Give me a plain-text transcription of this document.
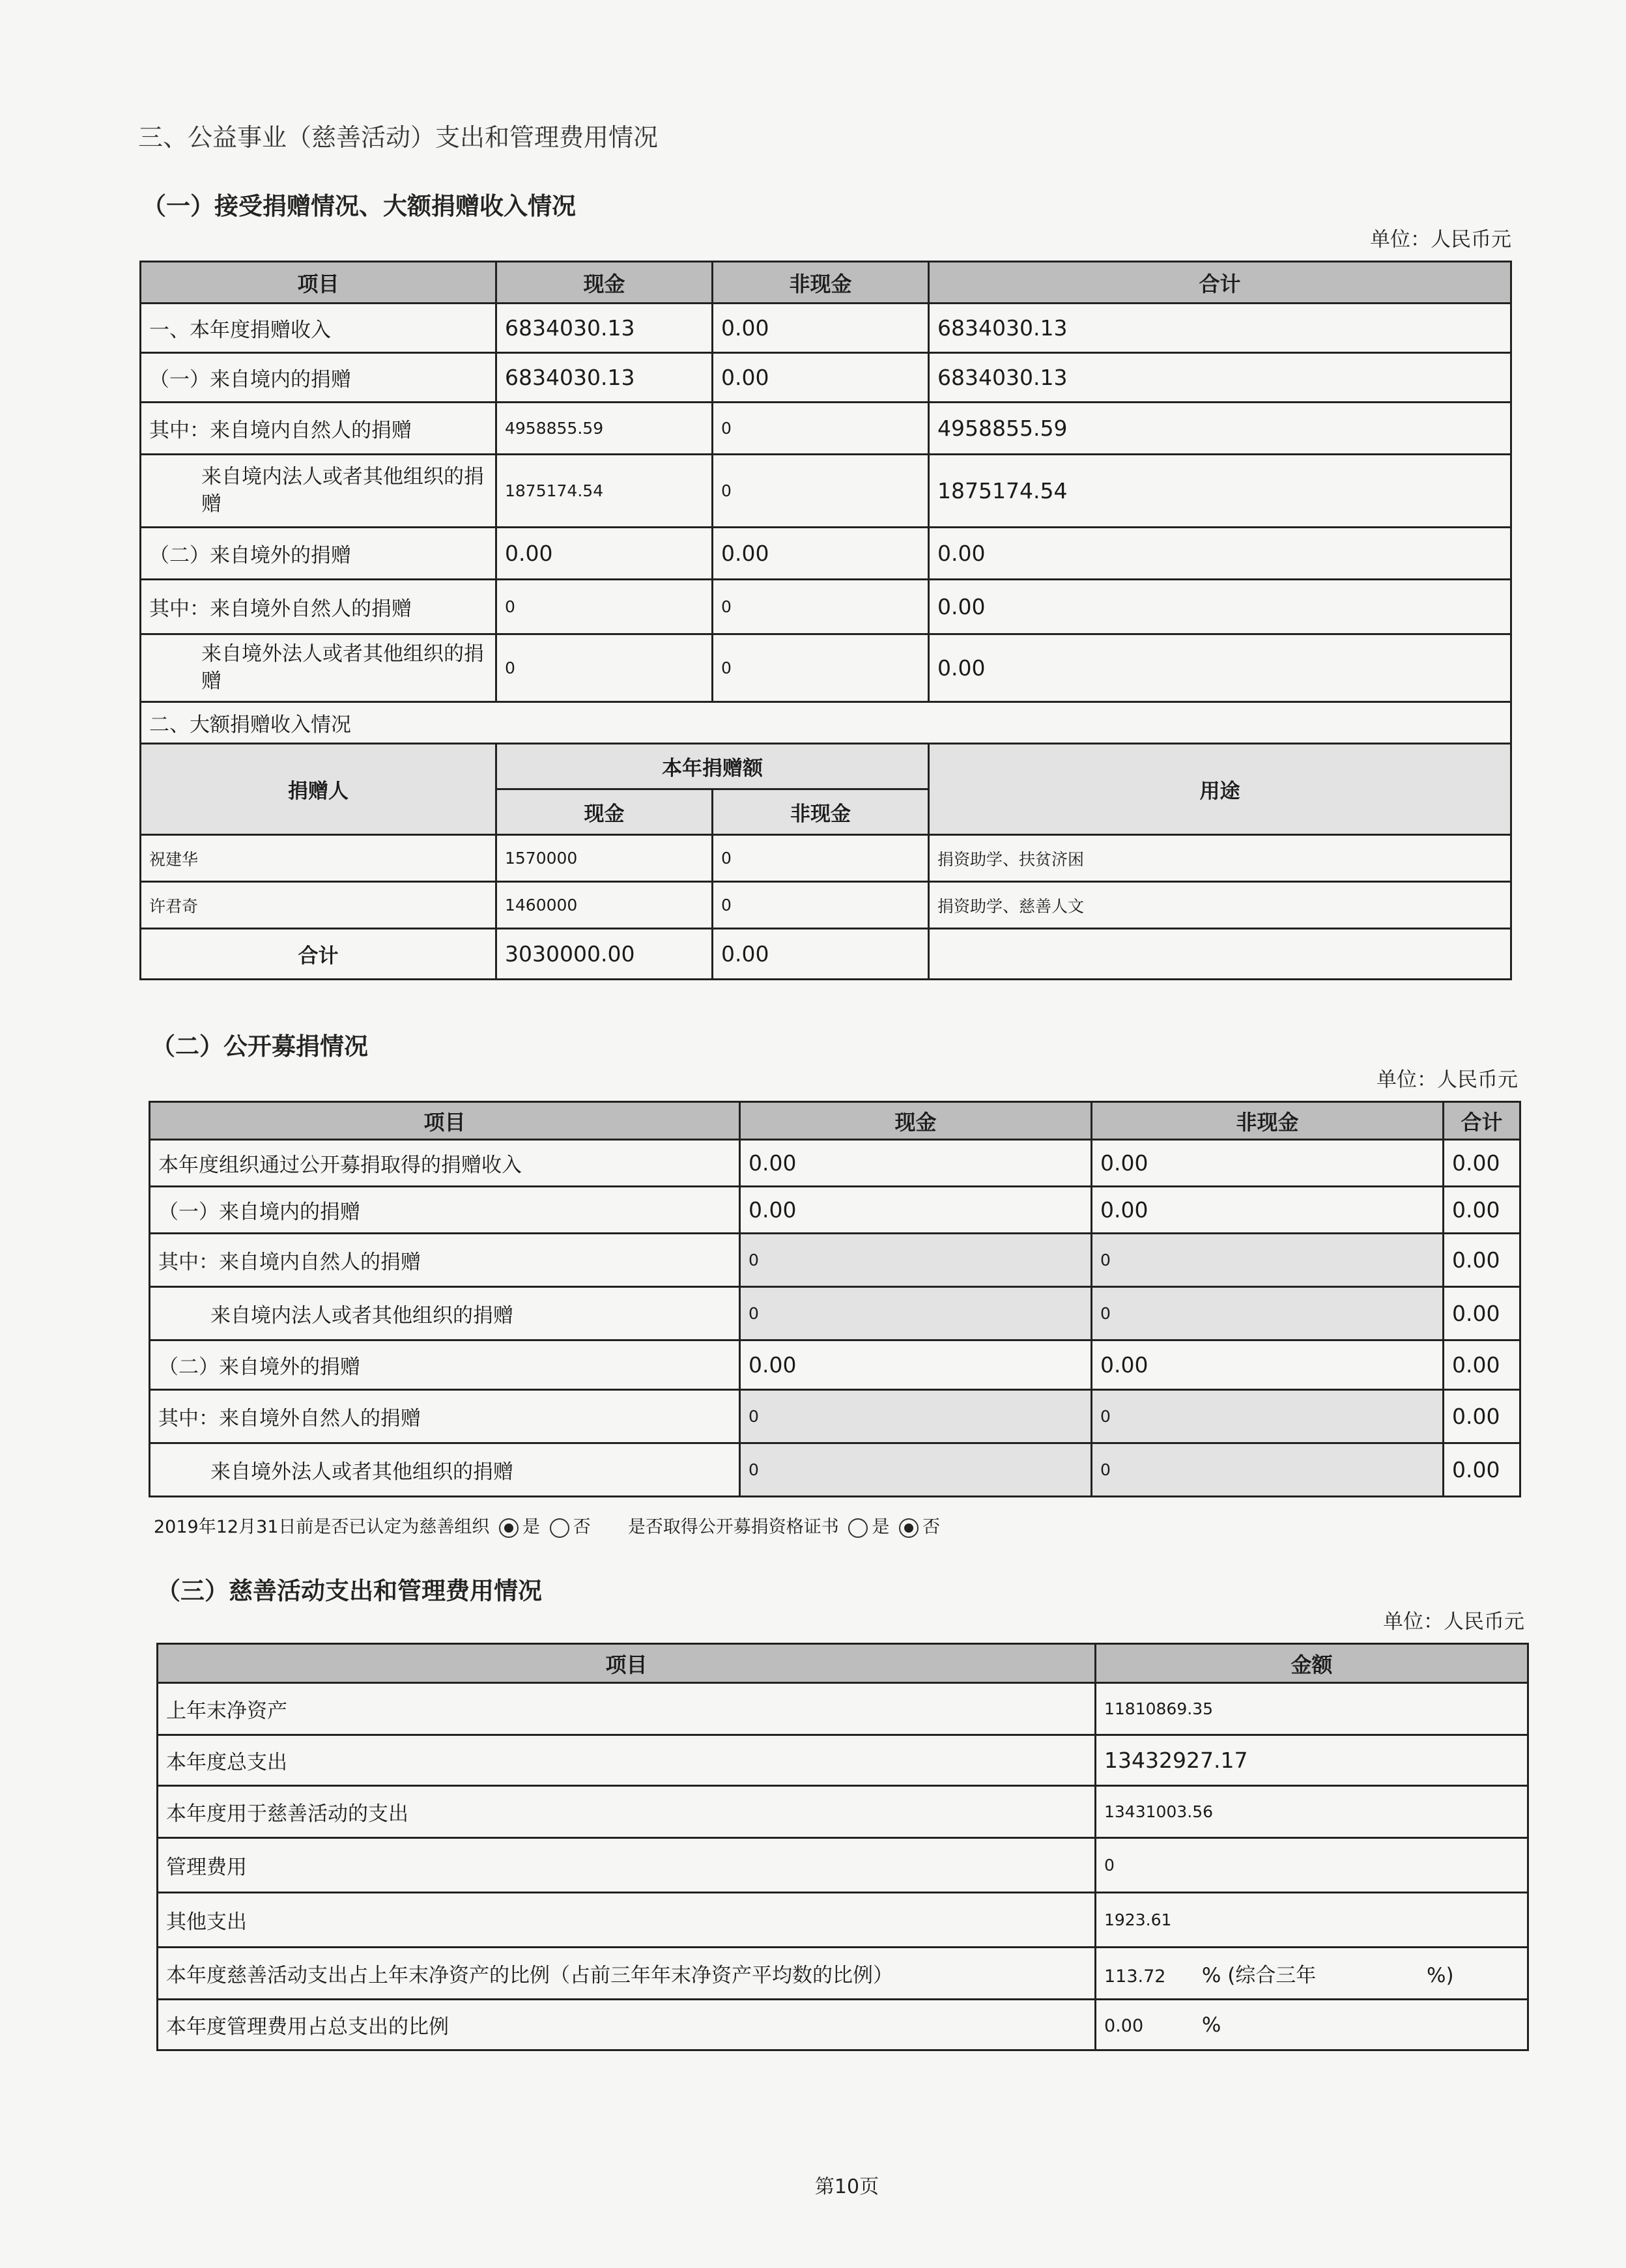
三、公益事业（慈善活动）支出和管理费用情况
（一）接受捐赠情况、大额捐赠收入情况
单位：人民币元
项目	现金	非现金	合计
一、本年度捐赠收入	6834030.13	0.00	6834030.13
（一）来自境内的捐赠	6834030.13	0.00	6834030.13
其中：来自境内自然人的捐赠	4958855.59	0	4958855.59
来自境内法人或者其他组织的捐赠	1875174.54	0	1875174.54
（二）来自境外的捐赠	0.00	0.00	0.00
其中：来自境外自然人的捐赠	0	0	0.00
来自境外法人或者其他组织的捐赠	0	0	0.00
二、大额捐赠收入情况			
捐赠人	本年捐赠额		用途
	现金	非现金	
祝建华	1570000	0	捐资助学、扶贫济困
许君奇	1460000	0	捐资助学、慈善人文
合计	3030000.00	0.00	
（二）公开募捐情况
单位：人民币元
项目	现金	非现金	合计
本年度组织通过公开募捐取得的捐赠收入	0.00	0.00	0.00
（一）来自境内的捐赠	0.00	0.00	0.00
其中：来自境内自然人的捐赠	0	0	0.00
来自境内法人或者其他组织的捐赠	0	0	0.00
（二）来自境外的捐赠	0.00	0.00	0.00
其中：来自境外自然人的捐赠	0	0	0.00
来自境外法人或者其他组织的捐赠	0	0	0.00
2019年12月31日前是否已认定为慈善组织 是 否 是否取得公开募捐资格证书 是 否
（三）慈善活动支出和管理费用情况
单位：人民币元
项目	金额
上年末净资产	11810869.35
本年度总支出	13432927.17
本年度用于慈善活动的支出	13431003.56
管理费用	0
其他支出	1923.61
本年度慈善活动支出占上年末净资产的比例（占前三年年末净资产平均数的比例）	113.72 % (综合三年 %)
本年度管理费用占总支出的比例	0.00 %
第10页
